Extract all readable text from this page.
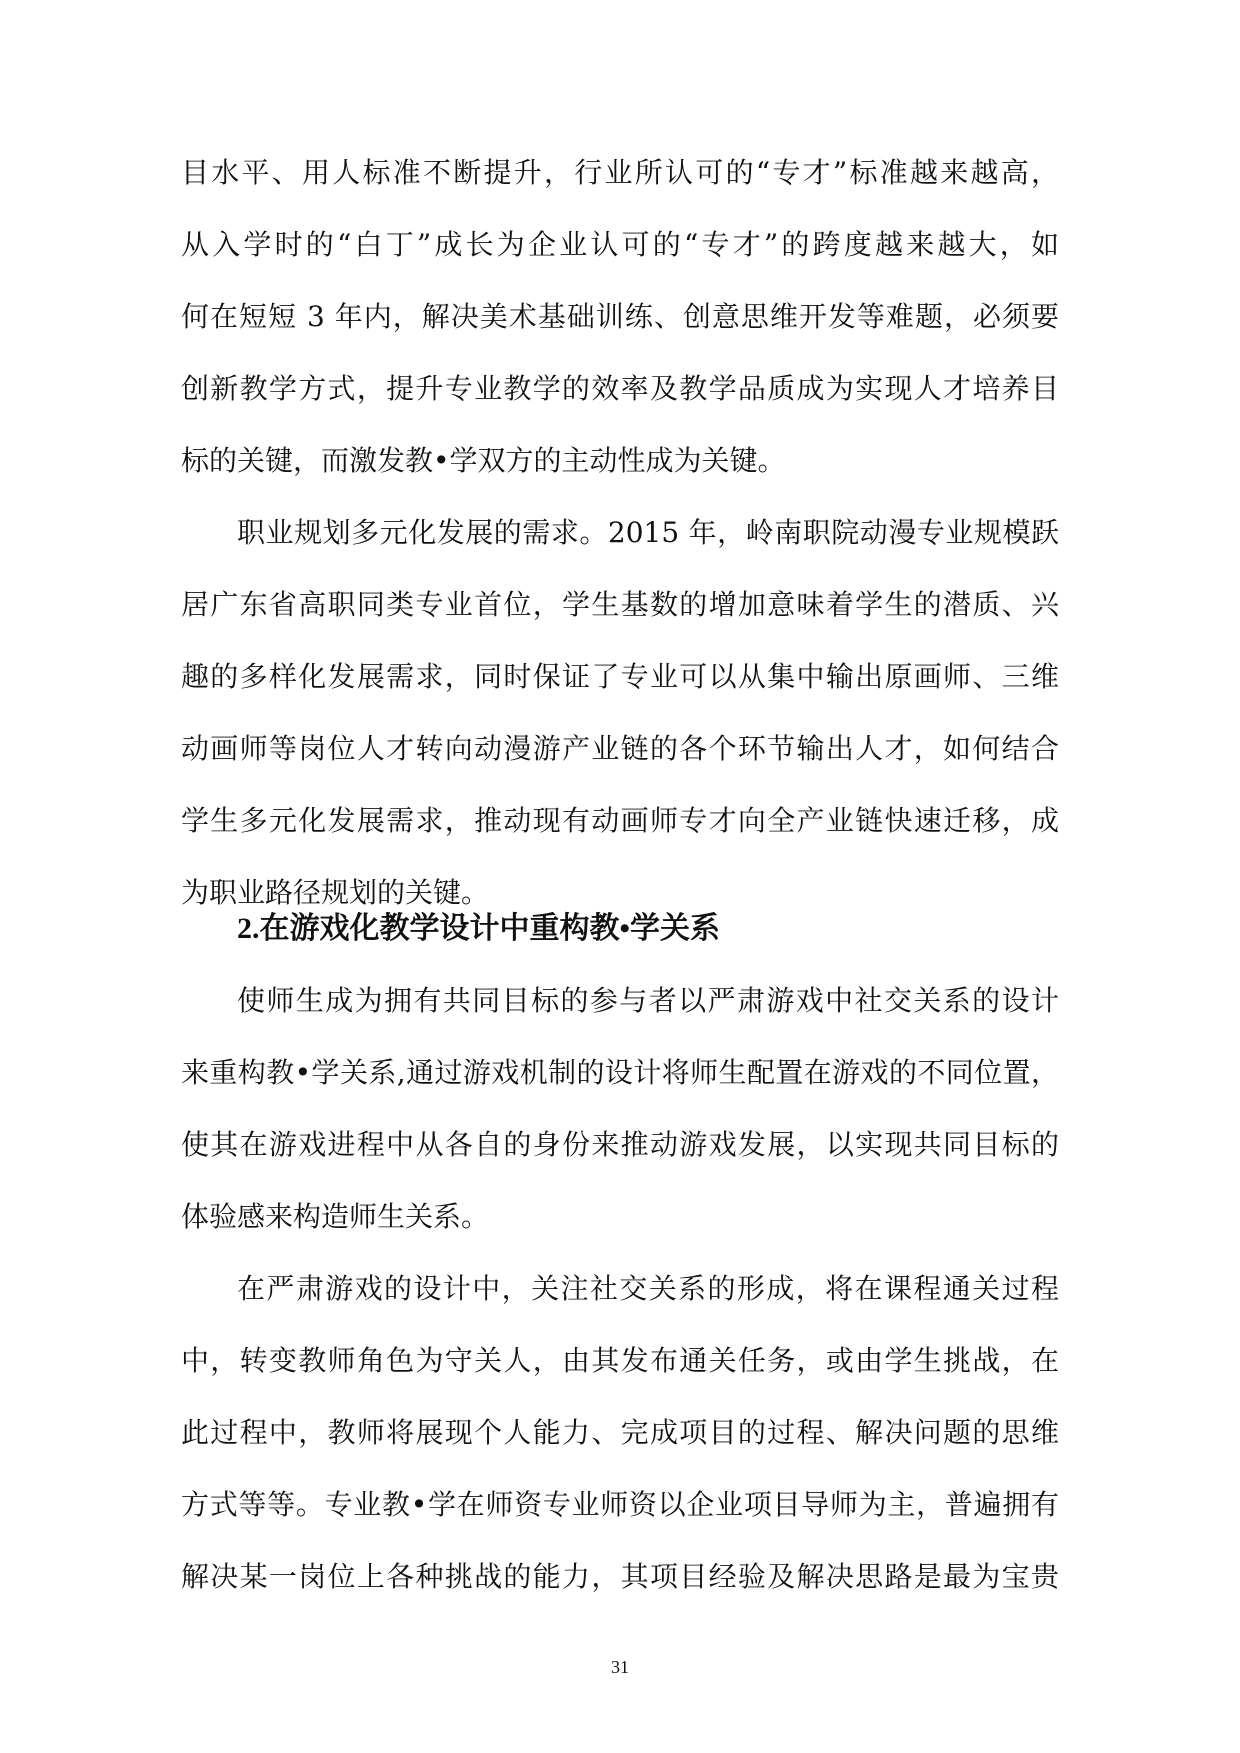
目水平、用人标准不断提升，行业所认可的“专才”标准越来越高，
从入学时的“白丁”成长为企业认可的“专才”的跨度越来越大，如
何在短短 3 年内，解决美术基础训练、创意思维开发等难题，必须要
创新教学方式，提升专业教学的效率及教学品质成为实现人才培养目
标的关键，而激发教•学双方的主动性成为关键。
职业规划多元化发展的需求。2015 年，岭南职院动漫专业规模跃
居广东省高职同类专业首位，学生基数的增加意味着学生的潜质、兴
趣的多样化发展需求，同时保证了专业可以从集中输出原画师、三维
动画师等岗位人才转向动漫游产业链的各个环节输出人才，如何结合
学生多元化发展需求，推动现有动画师专才向全产业链快速迁移，成
为职业路径规划的关键。
2.在游戏化教学设计中重构教•学关系
使师生成为拥有共同目标的参与者以严肃游戏中社交关系的设计
来重构教•学关系,通过游戏机制的设计将师生配置在游戏的不同位置，
使其在游戏进程中从各自的身份来推动游戏发展，以实现共同目标的
体验感来构造师生关系。
在严肃游戏的设计中，关注社交关系的形成，将在课程通关过程
中，转变教师角色为守关人，由其发布通关任务，或由学生挑战，在
此过程中，教师将展现个人能力、完成项目的过程、解决问题的思维
方式等等。专业教•学在师资专业师资以企业项目导师为主，普遍拥有
解决某一岗位上各种挑战的能力，其项目经验及解决思路是最为宝贵
31
